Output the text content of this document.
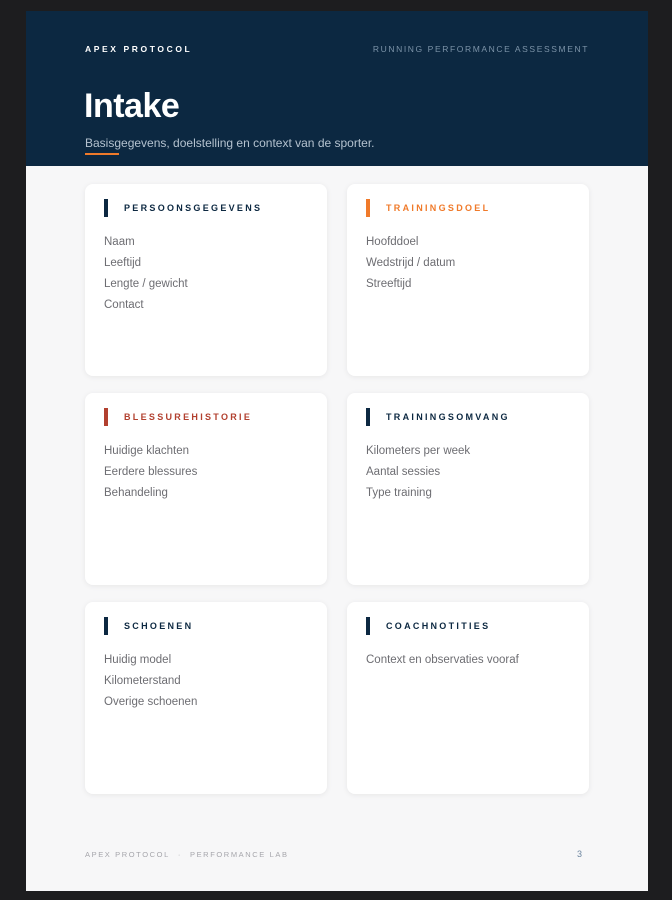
APEX PROTOCOL	RUNNING PERFORMANCE ASSESSMENT
Intake
Basisgegevens, doelstelling en context van de sporter.
PERSOONSGEGEVENS
Naam
Leeftijd
Lengte / gewicht
Contact
TRAININGSDOEL
Hoofddoel
Wedstrijd / datum
Streeftijd
BLESSUREHISTORIE
Huidige klachten
Eerdere blessures
Behandeling
TRAININGSOMVANG
Kilometers per week
Aantal sessies
Type training
SCHOENEN
Huidig model
Kilometerstand
Overige schoenen
COACHNOTITIES
Context en observaties vooraf
APEX PROTOCOL · PERFORMANCE LAB	3
